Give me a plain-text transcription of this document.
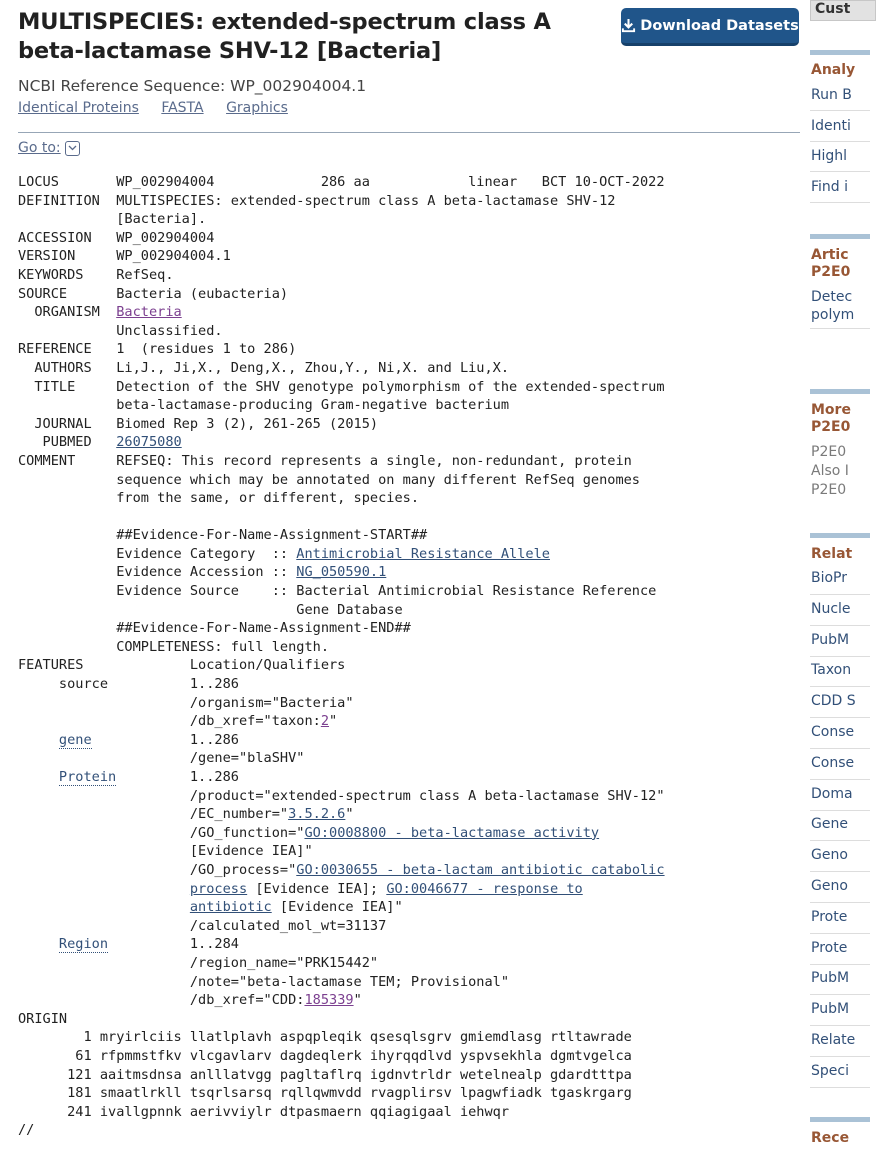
MULTISPECIES: extended-spectrum class A beta-lactamase SHV-12 [Bacteria]
Download Datasets
NCBI Reference Sequence: WP_002904004.1
Identical Proteins FASTA Graphics
Go to:
LOCUS       WP_002904004             286 aa            linear   BCT 10-OCT-2022
DEFINITION  MULTISPECIES: extended-spectrum class A beta-lactamase SHV-12
[Bacteria].
ACCESSION   WP_002904004
VERSION     WP_002904004.1
KEYWORDS    RefSeq.
SOURCE      Bacteria (eubacteria)
ORGANISM  Bacteria
Unclassified.
REFERENCE   1  (residues 1 to 286)
AUTHORS   Li,J., Ji,X., Deng,X., Zhou,Y., Ni,X. and Liu,X.
TITLE     Detection of the SHV genotype polymorphism of the extended-spectrum
beta-lactamase-producing Gram-negative bacterium
JOURNAL   Biomed Rep 3 (2), 261-265 (2015)
PUBMED   26075080
COMMENT     REFSEQ: This record represents a single, non-redundant, protein
sequence which may be annotated on many different RefSeq genomes
from the same, or different, species.

##Evidence-For-Name-Assignment-START##
Evidence Category  :: Antimicrobial Resistance Allele
Evidence Accession :: NG_050590.1
Evidence Source    :: Bacterial Antimicrobial Resistance Reference
Gene Database
##Evidence-For-Name-Assignment-END##
COMPLETENESS: full length.
FEATURES             Location/Qualifiers
source          1..286
/organism="Bacteria"
/db_xref="taxon:2"
gene	1..286
/gene="blaSHV"
Protein	1..286
/product="extended-spectrum class A beta-lactamase SHV-12"
/EC_number="3.5.2.6"
/GO_function="GO:0008800 - beta-lactamase activity
[Evidence IEA]"
/GO_process="GO:0030655 - beta-lactam antibiotic catabolic
process [Evidence IEA]; GO:0046677 - response to
antibiotic [Evidence IEA]"
/calculated_mol_wt=31137
Region	1..284
/region_name="PRK15442"
/note="beta-lactamase TEM; Provisional"
/db_xref="CDD:185339"
ORIGIN
1 mryirlciis llatlplavh aspqpleqik qsesqlsgrv gmiemdlasg rtltawrade
61 rfpmmstfkv vlcgavlarv dagdeqlerk ihyrqqdlvd yspvsekhla dgmtvgelca
121 aaitmsdnsa anlllatvgg pagltaflrq igdnvtrldr wetelnealp gdardtttpa
181 smaatlrkll tsqrlsarsq rqllqwmvdd rvagplirsv lpagwfiadk tgaskrgarg
241 ivallgpnnk aerivviylr dtpasmaern qqiagigaal iehwqr
//
Cust
Analy
Run B
Identi
Highl
Find i
Artic
P2E0
Detec
polym
More
P2E0
P2E0
Also I
P2E0
Relat
BioPr
Nucle
PubM
Taxon
CDD S
Conse
Conse
Doma
Gene
Geno
Geno
Prote
Prote
PubM
PubM
Relate
Speci
Rece
